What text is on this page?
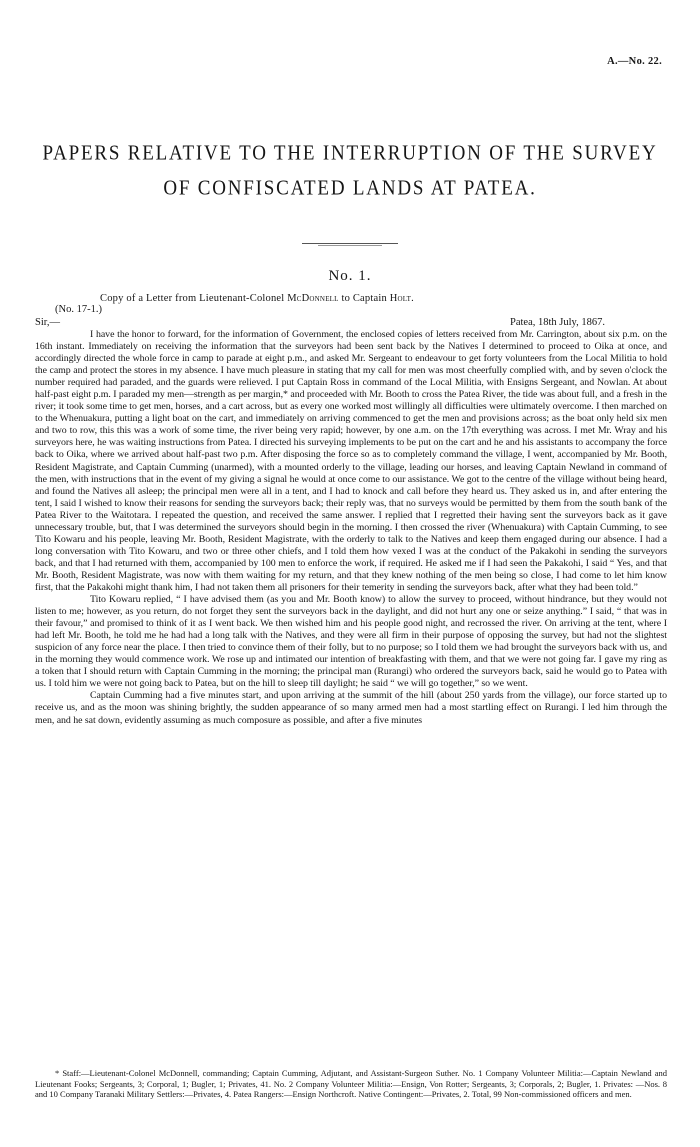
A.—No. 22.
PAPERS RELATIVE TO THE INTERRUPTION OF THE SURVEY
OF CONFISCATED LANDS AT PATEA.
No. 1.
Copy of a Letter from Lieutenant-Colonel McDonnell to Captain Holt.
(No. 17-1.)
Sir,—	Patea, 18th July, 1867.

I have the honor to forward, for the information of Government, the enclosed copies of letters received from Mr. Carrington, about six p.m. on the 16th instant. Immediately on receiving the information that the surveyors had been sent back by the Natives I determined to proceed to Oika at once, and accordingly directed the whole force in camp to parade at eight p.m., and asked Mr. Sergeant to endeavour to get forty volunteers from the Local Militia to hold the camp and protect the stores in my absence. I have much pleasure in stating that my call for men was most cheerfully complied with, and by seven o'clock the number required had paraded, and the guards were relieved. I put Captain Ross in command of the Local Militia, with Ensigns Sergeant, and Nowlan. At about half-past eight p.m. I paraded my men—strength as per margin,* and proceeded with Mr. Booth to cross the Patea River, the tide was about full, and a fresh in the river; it took some time to get men, horses, and a cart across, but as every one worked most willingly all difficulties were ultimately overcome. I then marched on to the Whenuakura, putting a light boat on the cart, and immediately on arriving commenced to get the men and provisions across; as the boat only held six men and two to row, this this was a work of some time, the river being very rapid; however, by one a.m. on the 17th everything was across. I met Mr. Wray and his surveyors here, he was waiting instructions from Patea. I directed his surveying implements to be put on the cart and he and his assistants to accompany the force back to Oika, where we arrived about half-past two p.m. After disposing the force so as to completely command the village, I went, accompanied by Mr. Booth, Resident Magistrate, and Captain Cumming (unarmed), with a mounted orderly to the village, leading our horses, and leaving Captain Newland in command of the men, with instructions that in the event of my giving a signal he would at once come to our assistance. We got to the centre of the village without being heard, and found the Natives all asleep; the principal men were all in a tent, and I had to knock and call before they heard us. They asked us in, and after entering the tent, I said I wished to know their reasons for sending the surveyors back; their reply was, that no surveys would be permitted by them from the south bank of the Patea River to the Waitotara. I repeated the question, and received the same answer. I replied that I regretted their having sent the surveyors back as it gave unnecessary trouble, but, that I was determined the surveyors should begin in the morning. I then crossed the river (Whenuakura) with Captain Cumming, to see Tito Kowaru and his people, leaving Mr. Booth, Resident Magistrate, with the orderly to talk to the Natives and keep them engaged during our absence. I had a long conversation with Tito Kowaru, and two or three other chiefs, and I told them how vexed I was at the conduct of the Pakakohi in sending the surveyors back, and that I had returned with them, accompanied by 100 men to enforce the work, if required. He asked me if I had seen the Pakakohi, I said “ Yes, and that Mr. Booth, Resident Magistrate, was now with them waiting for my return, and that they knew nothing of the men being so close, I had come to let him know first, that the Pakakohi might thank him, I had not taken them all prisoners for their temerity in sending the surveyors back, after what they had been told.”

Tito Kowaru replied, “ I have advised them (as you and Mr. Booth know) to allow the survey to proceed, without hindrance, but they would not listen to me; however, as you return, do not forget they sent the surveyors back in the daylight, and did not hurt any one or seize anything.” I said, “ that was in their favour,” and promised to think of it as I went back. We then wished him and his people good night, and recrossed the river. On arriving at the tent, where I had left Mr. Booth, he told me he had had a long talk with the Natives, and they were all firm in their purpose of opposing the survey, but had not the slightest suspicion of any force near the place. I then tried to convince them of their folly, but to no purpose; so I told them we had brought the surveyors back with us, and in the morning they would commence work. We rose up and intimated our intention of breakfasting with them, and that we were not going far. I gave my ring as a token that I should return with Captain Cumming in the morning; the principal man (Rurangi) who ordered the surveyors back, said he would go to Patea with us. I told him we were not going back to Patea, but on the hill to sleep till daylight; he said “ we will go together,” so we went.

Captain Cumming had a five minutes start, and upon arriving at the summit of the hill (about 250 yards from the village), our force started up to receive us, and as the moon was shining brightly, the sudden appearance of so many armed men had a most startling effect on Rurangi. I led him through the men, and he sat down, evidently assuming as much composure as possible, and after a five minutes

* Staff:—Lieutenant-Colonel McDonnell, commanding; Captain Cumming, Adjutant, and Assistant-Surgeon Suther. No. 1 Company Volunteer Militia:—Captain Newland and Lieutenant Fooks; Sergeants, 3; Corporal, 1; Bugler, 1; Privates, 41. No. 2 Company Volunteer Militia:—Ensign, Von Rotter; Sergeants, 3; Corporals, 2; Bugler, 1. Privates: —Nos. 8 and 10 Company Taranaki Military Settlers:—Privates, 4. Patea Rangers:—Ensign Northcroft. Native Contingent:—Privates, 2. Total, 99 Non-commissioned officers and men.
